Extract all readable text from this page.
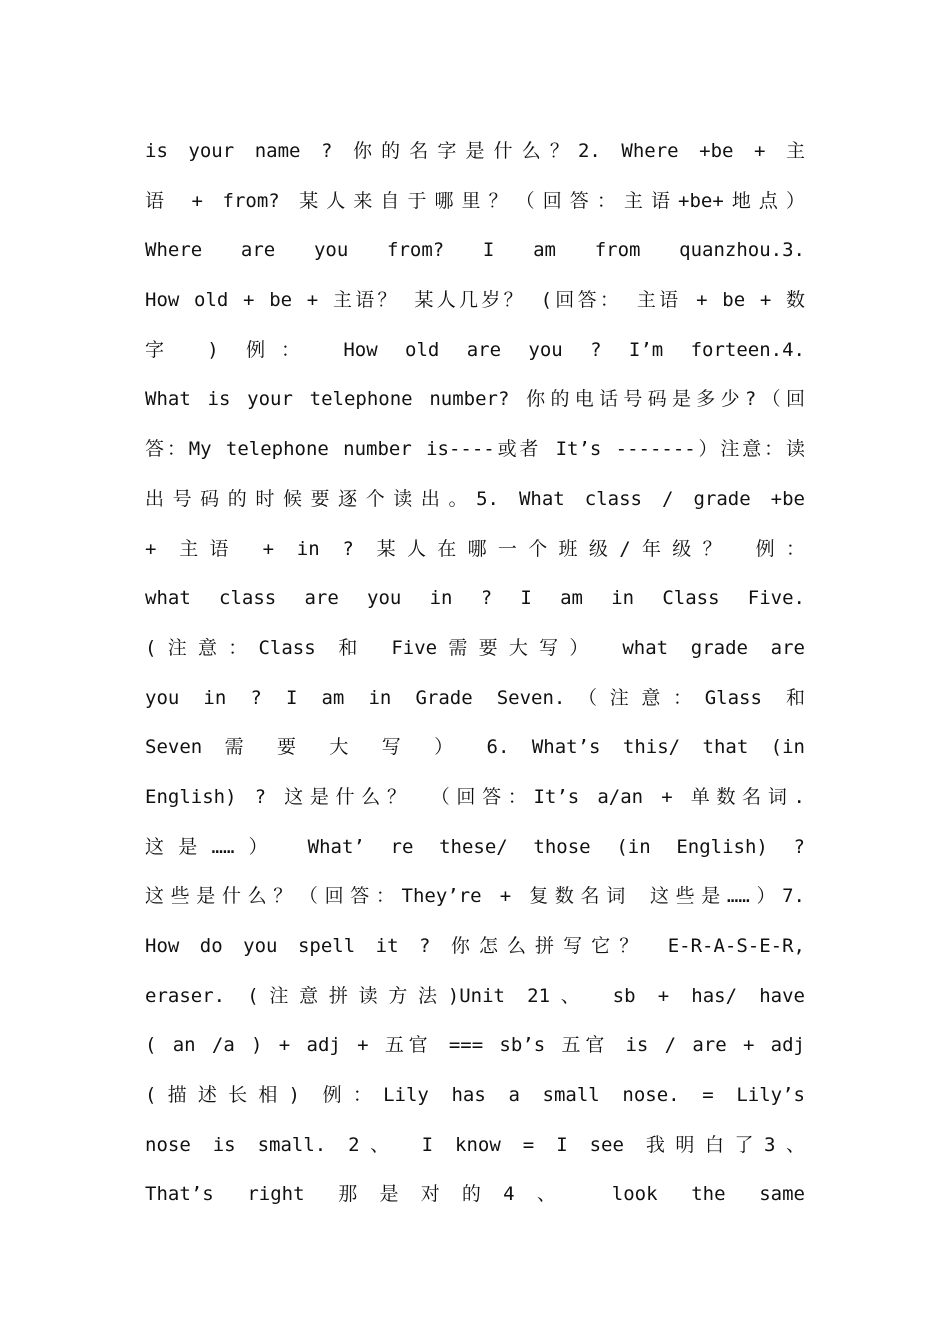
is your name ? 你的名字是什么？2. Where +be + 主
语 + from? 某人来自于哪里？（回答：主语+be+地点）
Where are you from? I am from quanzhou.3.
How old + be + 主语？ 某人几岁？ (回答： 主语 + be + 数
字 ) 例： How old are you ? I’m forteen.4.
What is your telephone number? 你的电话号码是多少?（回
答：My telephone number is----或者 It’s -------）注意：读
出号码的时候要逐个读出。5. What class / grade +be
+ 主语 + in ? 某人在哪一个班级/年级？ 例：
what class are you in ? I am in Class Five.
(注意：Class 和 Five需要大写） what grade are
you in ? I am in Grade Seven.（注意：Glass 和
Seven 需 要 大 写 ） 6. What’s this/ that (in
English) ? 这是什么？ （回答：It’s a/an + 单数名词.
这是……） What’ re these/ those (in English) ?
这些是什么？（回答：They’re + 复数名词 这些是……）7.
How do you spell it ? 你怎么拼写它？ E-R-A-S-E-R,
eraser. (注意拼读方法)Unit 21、 sb + has/ have
( an /a ) + adj + 五官 === sb’s 五官 is / are + adj
(描述长相) 例：Lily has a small nose. = Lily’s
nose is small. 2、 I know = I see 我明白了3、
That’s right 那是对的4、 look the same
